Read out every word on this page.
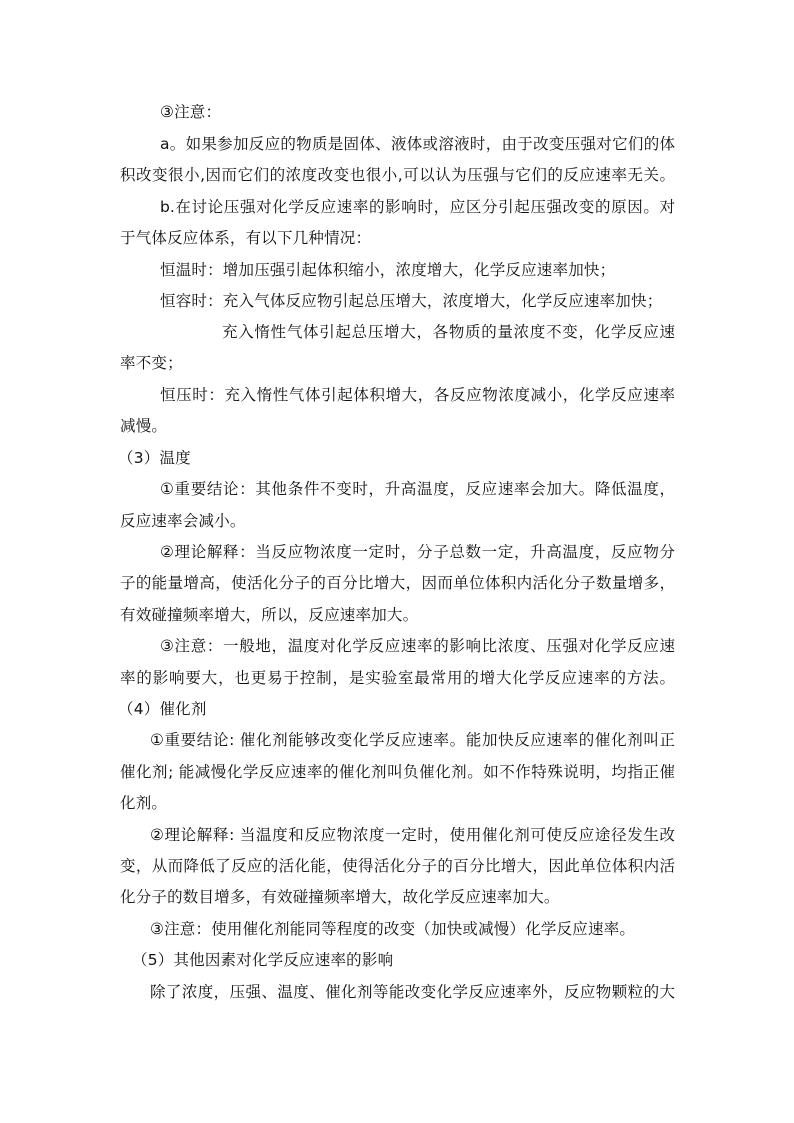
③注意：
a。如果参加反应的物质是固体、液体或溶液时，由于改变压强对它们的体
积改变很小,因而它们的浓度改变也很小,可以认为压强与它们的反应速率无关。
b.在讨论压强对化学反应速率的影响时，应区分引起压强改变的原因。对
于气体反应体系，有以下几种情况：
恒温时：增加压强引起体积缩小，浓度增大，化学反应速率加快；
恒容时：充入气体反应物引起总压增大，浓度增大，化学反应速率加快；
充入惰性气体引起总压增大，各物质的量浓度不变，化学反应速
率不变；
恒压时：充入惰性气体引起体积增大，各反应物浓度减小，化学反应速率
减慢。
（3）温度
①重要结论：其他条件不变时，升高温度，反应速率会加大。降低温度，
反应速率会减小。
②理论解释：当反应物浓度一定时，分子总数一定，升高温度，反应物分
子的能量增高，使活化分子的百分比增大，因而单位体积内活化分子数量增多，
有效碰撞频率增大，所以，反应速率加大。
③注意：一般地，温度对化学反应速率的影响比浓度、压强对化学反应速
率的影响要大，也更易于控制，是实验室最常用的增大化学反应速率的方法。
（4）催化剂
①重要结论: 催化剂能够改变化学反应速率。能加快反应速率的催化剂叫正
催化剂; 能减慢化学反应速率的催化剂叫负催化剂。如不作特殊说明，均指正催
化剂。
②理论解释: 当温度和反应物浓度一定时，使用催化剂可使反应途径发生改
变，从而降低了反应的活化能，使得活化分子的百分比增大，因此单位体积内活
化分子的数目增多，有效碰撞频率增大，故化学反应速率加大。
③注意：使用催化剂能同等程度的改变（加快或减慢）化学反应速率。
（5）其他因素对化学反应速率的影响
除了浓度，压强、温度、催化剂等能改变化学反应速率外，反应物颗粒的大
